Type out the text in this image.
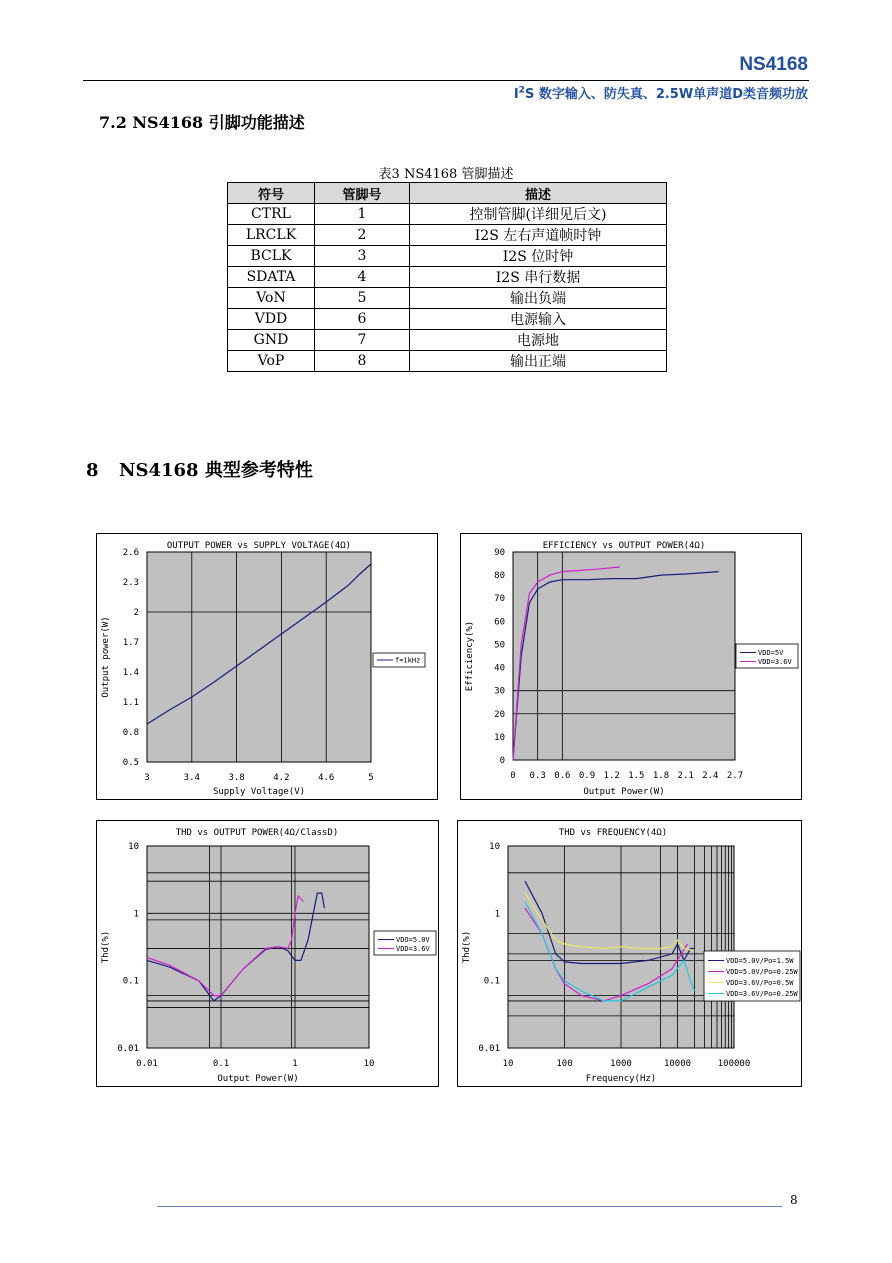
NS4168
$I^2S$ 数字输入、防失真、2.5W单声道D类音频功放
7.2 NS4168 引脚功能描述
表3 NS4168 管脚描述
符号	管脚号	描述
CTRL	1	控制管脚(详细见后文)
LRCLK	2	I2S 左右声道帧时钟
BCLK	3	I2S 位时钟
SDATA	4	I2S 串行数据
VoN	5	输出负端
VDD	6	电源输入
GND	7	电源地
VoP	8	输出正端
8 NS4168 典型参考特性
OUTPUT POWER vs SUPPLY VOLTAGE(4Ω)
3	3.4	3.8	4.2	4.6	5
2.6
2.3
2
1.7
1.4
1.1
0.8
0.5
Supply Voltage(V)
Output power(W)	f=1kHz
EFFICIENCY vs OUTPUT POWER(4Ω)
0 0.3 0.6 0.9 1.2 1.5 1.8 2.1 2.4 2.7
90
80
70
60
50
40
30
20
10
0
Output Power(W)
Efficiency(%)	VDD=5V
VDD=3.6V
THD vs OUTPUT POWER(4Ω/ClassD)
0.01	0.1	1	10
10
1
0.1
0.01
Output Power(W)
Thd(%)	VDO=5.0V
VDD=3.6V
THD vs FREQUENCY(4Ω)
10	100	1000	10000	100000
10
1
0.1
0.01
Frequency(Hz)
Thd(%)	VDD=5.0V/Po=1.5W
VDD=5.0V/Po=0.25W
VDD=3.6V/Po=0.5W
VDD=3.6V/Po=0.25W
8
